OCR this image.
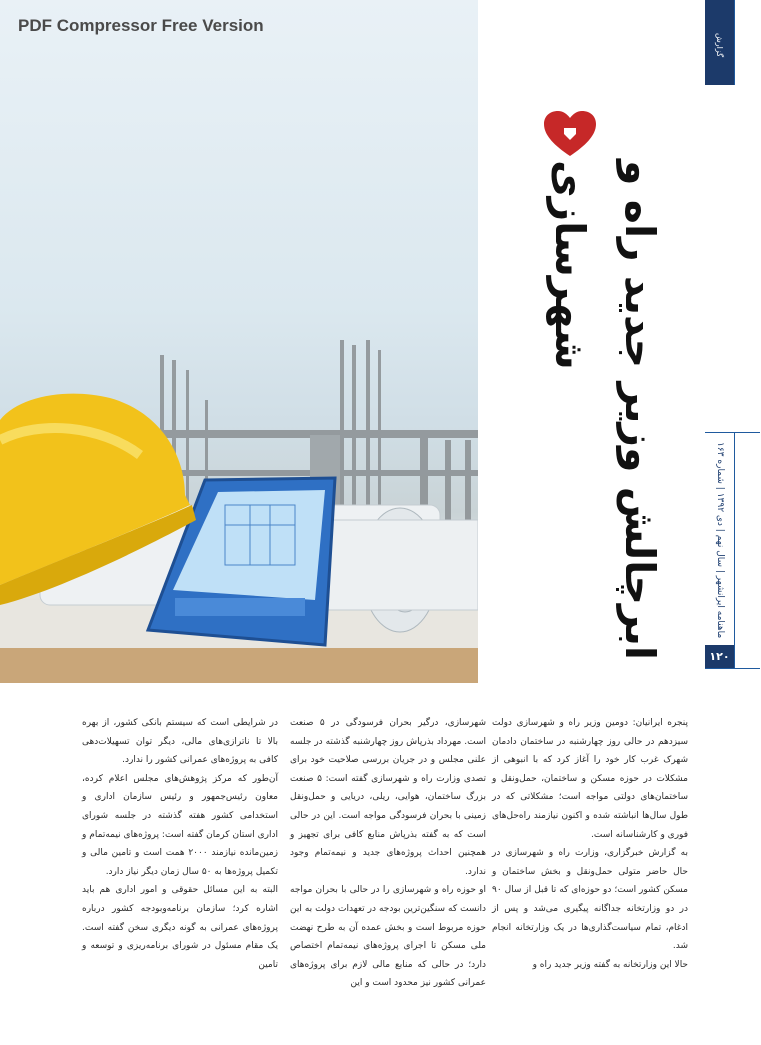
PDF Compressor Free Version

گزارش
ماهنامه ایرانشهر | سال نهم | دی ۱۳۹۲ | شماره ۱۶۳
۱۲۰
ابرچالش وزیر جدید راه و شهرسازی

پنجره ایرانیان: دومین وزیر راه و شهرسازی دولت سیزدهم در حالی روز چهارشنبه در ساختمان دادمان شهرک غرب کار خود را آغاز کرد که با انبوهی از مشکلات در حوزه مسکن و ساختمان، حمل‌ونقل و ساختمان‌های دولتی مواجه است؛ مشکلاتی که در طول سال‌ها انباشته شده و اکنون نیازمند راه‌حل‌های فوری و کارشناسانه است.

به گزارش خبرگزاری، وزارت راه و شهرسازی در حال حاضر متولی حمل‌ونقل و بخش ساختمان و مسکن کشور است؛ دو حوزه‌ای که تا قبل از سال ۹۰ در دو وزارتخانه جداگانه پیگیری می‌شد و پس از ادغام، تمام سیاست‌گذاری‌ها در یک وزارتخانه انجام شد.

حالا این وزارتخانه به گفته وزیر جدید راه و

شهرسازی، درگیر بحران فرسودگی در ۵ صنعت است. مهرداد بذرپاش روز چهارشنبه گذشته در جلسه علنی مجلس و در جریان بررسی صلاحیت خود برای تصدی وزارت راه و شهرسازی گفته است: ۵ صنعت بزرگ ساختمان، هوایی، ریلی، دریایی و حمل‌ونقل زمینی با بحران فرسودگی مواجه است. این در حالی است که به گفته بذرپاش منابع کافی برای تجهیز و همچنین احداث پروژه‌های جدید و نیمه‌تمام وجود ندارد.

او حوزه راه و شهرسازی را در حالی با بحران مواجه دانست که سنگین‌ترین بودجه در تعهدات دولت به این حوزه مربوط است و بخش عمده آن به طرح نهضت ملی مسکن تا اجرای پروژه‌های نیمه‌تمام اختصاص دارد؛ در حالی که منابع مالی لازم برای پروژه‌های عمرانی کشور نیز محدود است و این

در شرایطی است که سیستم بانکی کشور، از بهره بالا تا ناترازی‌های مالی، دیگر توان تسهیلات‌دهی کافی به پروژه‌های عمرانی کشور را ندارد.

آن‌طور که مرکز پژوهش‌های مجلس اعلام کرده، معاون رئیس‌جمهور و رئیس سازمان اداری و استخدامی کشور هفته گذشته در جلسه شورای اداری استان کرمان گفته است: پروژه‌های نیمه‌تمام و زمین‌مانده نیازمند ۲۰۰۰ همت است و تامین مالی و تکمیل پروژه‌ها به ۵۰ سال زمان دیگر نیاز دارد.

البته به این مسائل حقوقی و امور اداری هم باید اشاره کرد؛ سازمان برنامه‌وبودجه کشور درباره پروژه‌های عمرانی به گونه دیگری سخن گفته است. یک مقام مسئول در شورای برنامه‌ریزی و توسعه و تامین
